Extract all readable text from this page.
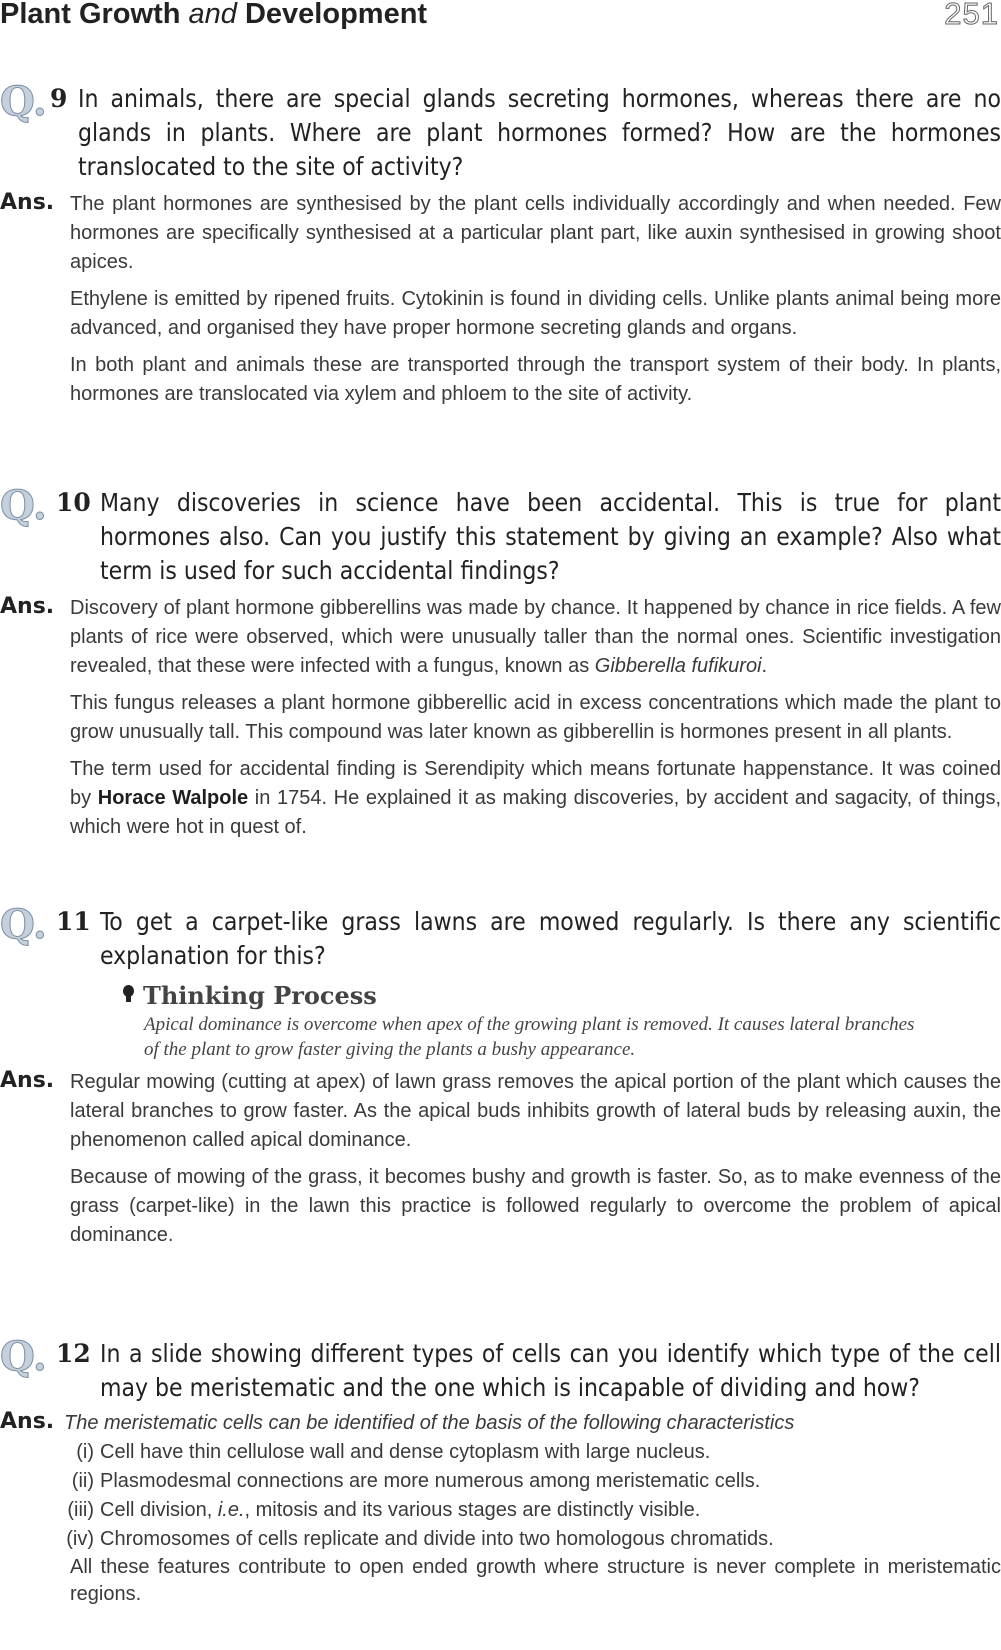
Plant Growth and Development	251
Q. 9 In animals, there are special glands secreting hormones, whereas there are no glands in plants. Where are plant hormones formed? How are the hormones translocated to the site of activity?
Ans. The plant hormones are synthesised by the plant cells individually accordingly and when needed. Few hormones are specifically synthesised at a particular plant part, like auxin synthesised in growing shoot apices.
Ethylene is emitted by ripened fruits. Cytokinin is found in dividing cells. Unlike plants animal being more advanced, and organised they have proper hormone secreting glands and organs.
In both plant and animals these are transported through the transport system of their body. In plants, hormones are translocated via xylem and phloem to the site of activity.
Q. 10 Many discoveries in science have been accidental. This is true for plant hormones also. Can you justify this statement by giving an example? Also what term is used for such accidental findings?
Ans. Discovery of plant hormone gibberellins was made by chance. It happened by chance in rice fields. A few plants of rice were observed, which were unusually taller than the normal ones. Scientific investigation revealed, that these were infected with a fungus, known as Gibberella fufikuroi.
This fungus releases a plant hormone gibberellic acid in excess concentrations which made the plant to grow unusually tall. This compound was later known as gibberellin is hormones present in all plants.
The term used for accidental finding is Serendipity which means fortunate happenstance. It was coined by Horace Walpole in 1754. He explained it as making discoveries, by accident and sagacity, of things, which were hot in quest of.
Q. 11 To get a carpet-like grass lawns are mowed regularly. Is there any scientific explanation for this?
Thinking Process
Apical dominance is overcome when apex of the growing plant is removed. It causes lateral branches of the plant to grow faster giving the plants a bushy appearance.
Ans. Regular mowing (cutting at apex) of lawn grass removes the apical portion of the plant which causes the lateral branches to grow faster. As the apical buds inhibits growth of lateral buds by releasing auxin, the phenomenon called apical dominance.
Because of mowing of the grass, it becomes bushy and growth is faster. So, as to make evenness of the grass (carpet-like) in the lawn this practice is followed regularly to overcome the problem of apical dominance.
Q. 12 In a slide showing different types of cells can you identify which type of the cell may be meristematic and the one which is incapable of dividing and how?
Ans. The meristematic cells can be identified of the basis of the following characteristics
(i) Cell have thin cellulose wall and dense cytoplasm with large nucleus.
(ii) Plasmodesmal connections are more numerous among meristematic cells.
(iii) Cell division, i.e., mitosis and its various stages are distinctly visible.
(iv) Chromosomes of cells replicate and divide into two homologous chromatids.
All these features contribute to open ended growth where structure is never complete in meristematic regions.
